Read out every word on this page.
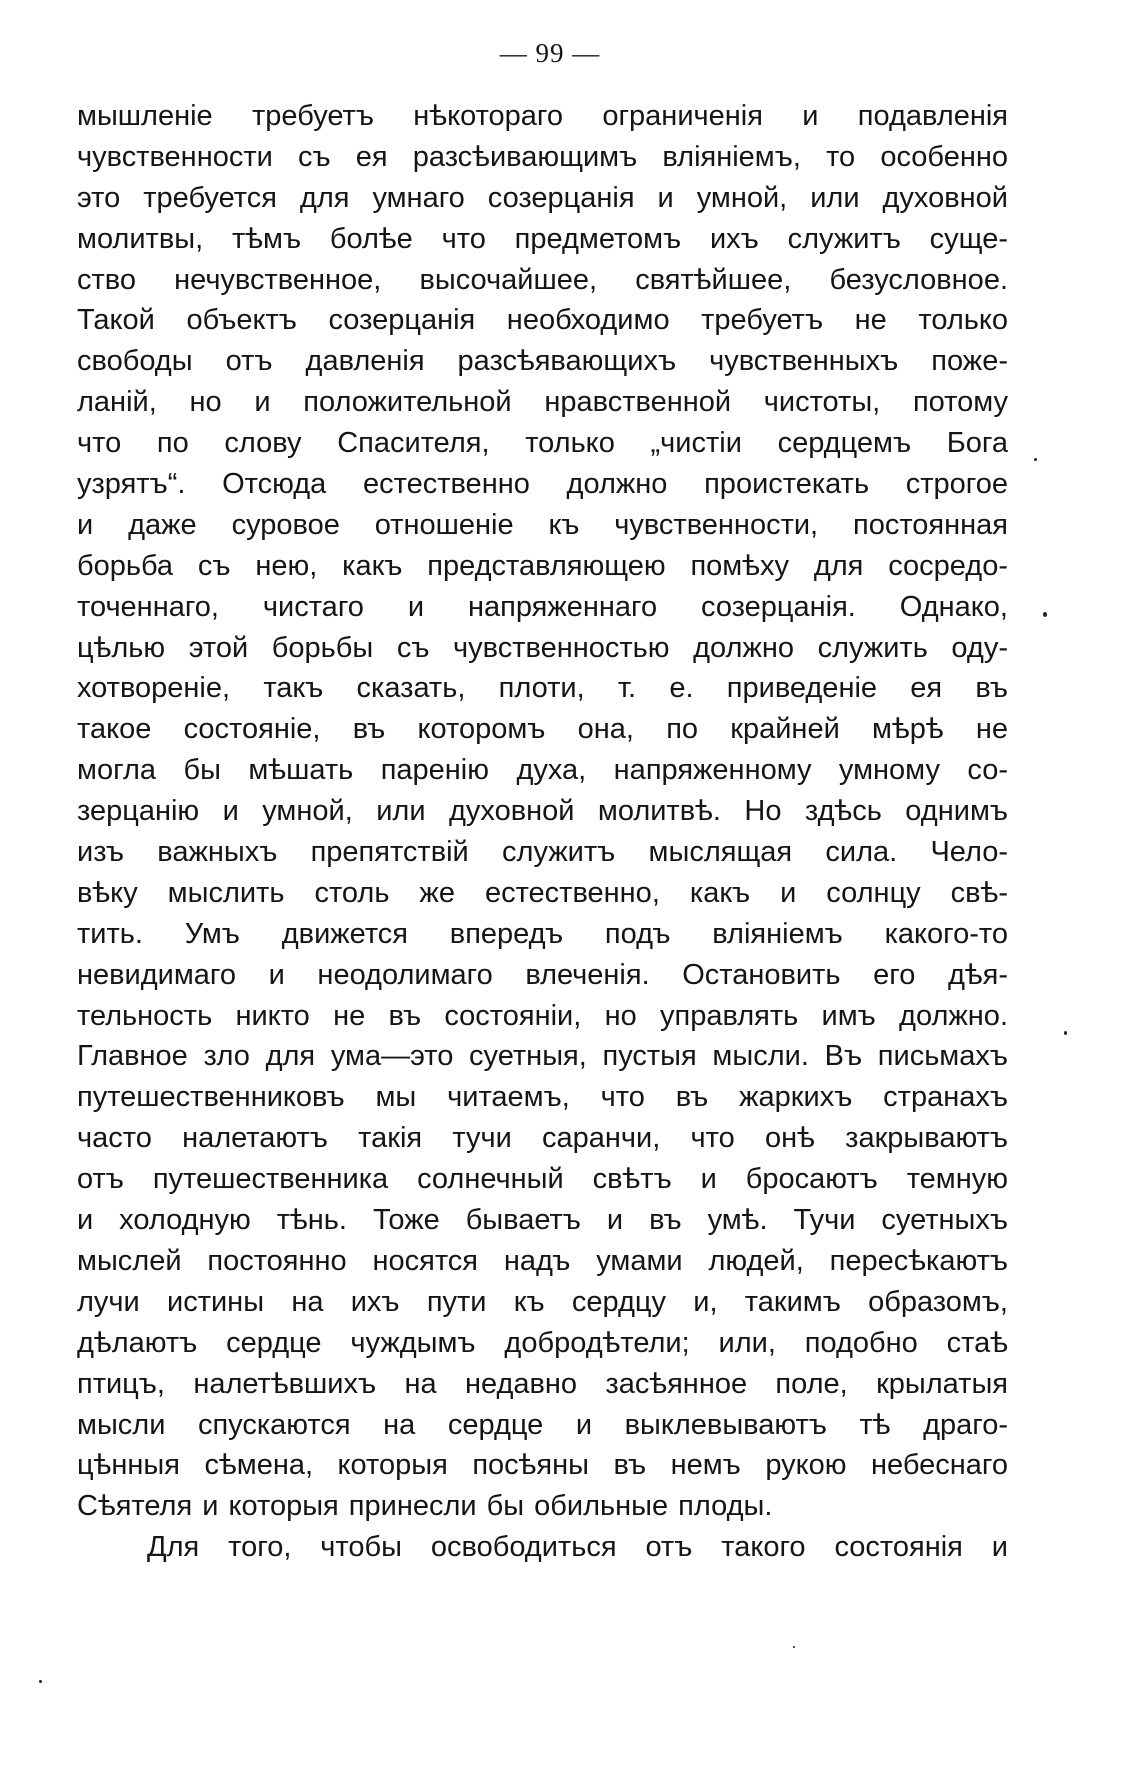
— 99 —
мышленіе требуетъ нѣкотораго ограниченія и подавленія
чувственности съ ея разсѣивающимъ вліяніемъ, то особенно
это требуется для умнаго созерцанія и умной, или духовной
молитвы, тѣмъ болѣе что предметомъ ихъ служитъ суще-
ство нечувственное, высочайшее, святѣйшее, безусловное.
Такой объектъ созерцанія необходимо требуетъ не только
свободы отъ давленія разсѣявающихъ чувственныхъ поже-
ланій, но и положительной нравственной чистоты, потому
что по слову Спасителя, только „чистіи сердцемъ Бога
узрятъ“. Отсюда естественно должно проистекать строгое
и даже суровое отношеніе къ чувственности, постоянная
борьба съ нею, какъ представляющею помѣху для сосредо-
точеннаго, чистаго и напряженнаго созерцанія. Однако,
цѣлью этой борьбы съ чувственностью должно служить оду-
хотвореніе, такъ сказать, плоти, т. е. приведеніе ея въ
такое состояніе, въ которомъ она, по крайней мѣрѣ не
могла бы мѣшать паренію духа, напряженному умному со-
зерцанію и умной, или духовной молитвѣ. Но здѣсь однимъ
изъ важныхъ препятствій служитъ мыслящая сила. Чело-
вѣку мыслить столь же естественно, какъ и солнцу свѣ-
тить. Умъ движется впередъ подъ вліяніемъ какого-то
невидимаго и неодолимаго влеченія. Остановить его дѣя-
тельность никто не въ состояніи, но управлять имъ должно.
Главное зло для ума—это суетныя, пустыя мысли. Въ письмахъ
путешественниковъ мы читаемъ, что въ жаркихъ странахъ
часто налетаютъ такія тучи саранчи, что онѣ закрываютъ
отъ путешественника солнечный свѣтъ и бросаютъ темную
и холодную тѣнь. Тоже бываетъ и въ умѣ. Тучи суетныхъ
мыслей постоянно носятся надъ умами людей, пересѣкаютъ
лучи истины на ихъ пути къ сердцу и, такимъ образомъ,
дѣлаютъ сердце чуждымъ добродѣтели; или, подобно стаѣ
птицъ, налетѣвшихъ на недавно засѣянное поле, крылатыя
мысли спускаются на сердце и выклевываютъ тѣ драго-
цѣнныя сѣмена, которыя посѣяны въ немъ рукою небеснаго
Сѣятеля и которыя принесли бы обильные плоды.
Для того, чтобы освободиться отъ такого состоянія и
